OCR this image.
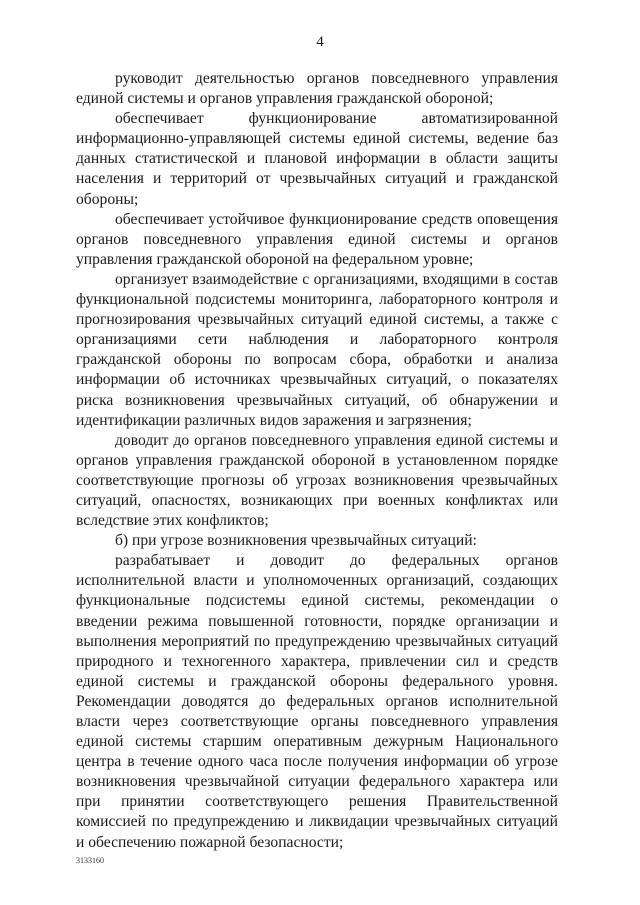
4

руководит деятельностью органов повседневного управления единой системы и органов управления гражданской обороной;

обеспечивает функционирование автоматизированной информационно-управляющей системы единой системы, ведение баз данных статистической и плановой информации в области защиты населения и территорий от чрезвычайных ситуаций и гражданской обороны;

обеспечивает устойчивое функционирование средств оповещения органов повседневного управления единой системы и органов управления гражданской обороной на федеральном уровне;

организует взаимодействие с организациями, входящими в состав функциональной подсистемы мониторинга, лабораторного контроля и прогнозирования чрезвычайных ситуаций единой системы, а также с организациями сети наблюдения и лабораторного контроля гражданской обороны по вопросам сбора, обработки и анализа информации об источниках чрезвычайных ситуаций, о показателях риска возникновения чрезвычайных ситуаций, об обнаружении и идентификации различных видов заражения и загрязнения;

доводит до органов повседневного управления единой системы и органов управления гражданской обороной в установленном порядке соответствующие прогнозы об угрозах возникновения чрезвычайных ситуаций, опасностях, возникающих при военных конфликтах или вследствие этих конфликтов;

б) при угрозе возникновения чрезвычайных ситуаций:

разрабатывает и доводит до федеральных органов исполнительной власти и уполномоченных организаций, создающих функциональные подсистемы единой системы, рекомендации о введении режима повышенной готовности, порядке организации и выполнения мероприятий по предупреждению чрезвычайных ситуаций природного и техногенного характера, привлечении сил и средств единой системы и гражданской обороны федерального уровня. Рекомендации доводятся до федеральных органов исполнительной власти через соответствующие органы повседневного управления единой системы старшим оперативным дежурным Национального центра в течение одного часа после получения информации об угрозе возникновения чрезвычайной ситуации федерального характера или при принятии соответствующего решения Правительственной комиссией по предупреждению и ликвидации чрезвычайных ситуаций и обеспечению пожарной безопасности;

3133160
